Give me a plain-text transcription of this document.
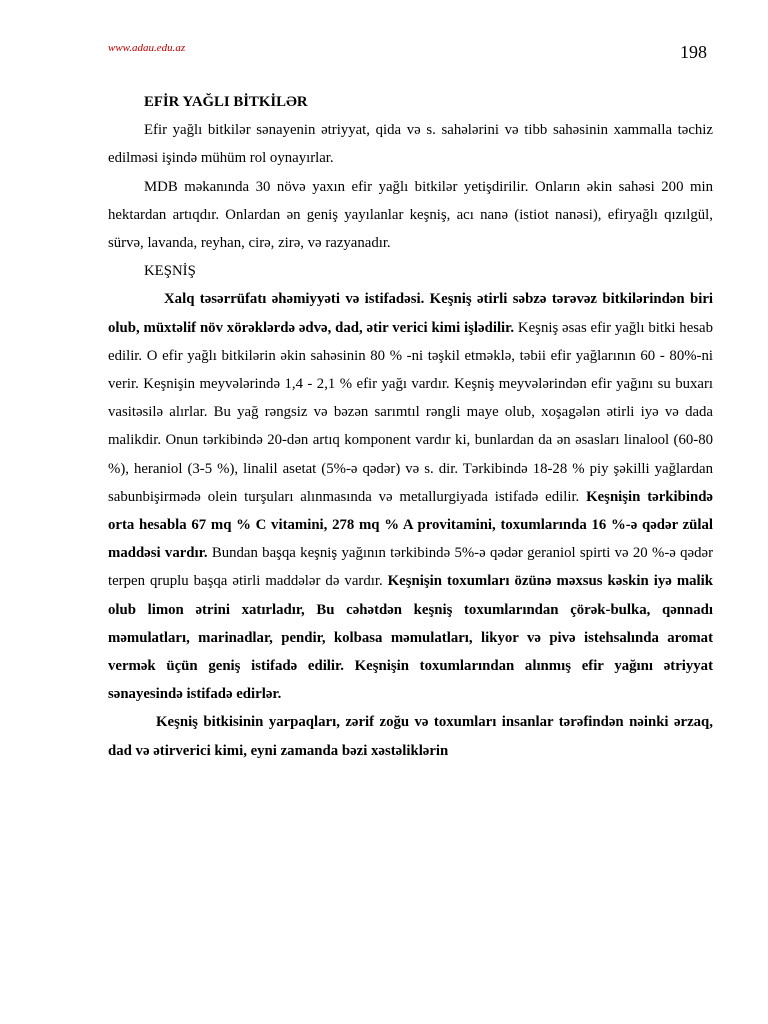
www.adau.edu.az	198

EFİR YAĞLI BİTKİLƏR

Efir yağlı bitkilər sənayenin ətriyyat, qida və s. sahələrini və tibb sahəsinin xammalla təchiz edilməsi işində mühüm rol oynayırlar.

MDB məkanında 30 növə yaxın efir yağlı bitkilər yetişdirilir. Onların əkin sahəsi 200 min hektardan artıqdır. Onlardan ən geniş yayılanlar keşniş, acı nanə (istiot nanəsi), efiryağlı qızılgül, sürvə, lavanda, reyhan, cirə, zirə, və razyanadır.

KEŞNİŞ

Xalq təsərrüfatı əhəmiyyəti və istifadəsi. Keşniş ətirli səbzə tərəvəz bitkilərindən biri olub, müxtəlif növ xörəklərdə ədvə, dad, ətir verici kimi işlədilir. Keşniş əsas efir yağlı bitki hesab edilir. O efir yağlı bitkilərin əkin sahəsinin 80 % -ni təşkil etməklə, təbii efir yağlarının 60 - 80%-ni verir. Keşnişin meyvələrində 1,4 - 2,1 % efir yağı vardır. Keşniş meyvələrindən efir yağını su buxarı vasitəsilə alırlar. Bu yağ rəngsiz və bəzən sarımtıl rəngli maye olub, xoşagələn ətirli iyə və dada malikdir. Onun tərkibində 20-dən artıq komponent vardır ki, bunlardan da ən əsasları linalool (60-80 %), heraniol (3-5 %), linalil asetat (5%-ə qədər) və s. dir. Tərkibində 18-28 % piy şəkilli yağlardan sabunbişirmədə olein turşuları alınmasında və metallurgiyada istifadə edilir. Keşnişin tərkibində orta hesabla 67 mq % C vitamini, 278 mq % A provitamini, toxumlarında 16 %-ə qədər zülal maddəsi vardır. Bundan başqa keşniş yağının tərkibində 5%-ə qədər geraniol spirti və 20 %-ə qədər terpen qruplu başqa ətirli maddələr də vardır. Keşnişin toxumları özünə məxsus kəskin iyə malik olub limon ətrini xatırladır, Bu cəhətdən keşniş toxumlarından çörək-bulka, qənnadı məmulatları, marinadlar, pendir, kolbasa məmulatları, likyor və pivə istehsalında aromat vermək üçün geniş istifadə edilir. Keşnişin toxumlarından alınmış efir yağını ətriyyat sənayesində istifadə edirlər.

Keşniş bitkisinin yarpaqları, zərif zoğu və toxumları insanlar tərəfindən nəinki ərzaq, dad və ətirverici kimi, eyni zamanda bəzi xəstəliklərin
